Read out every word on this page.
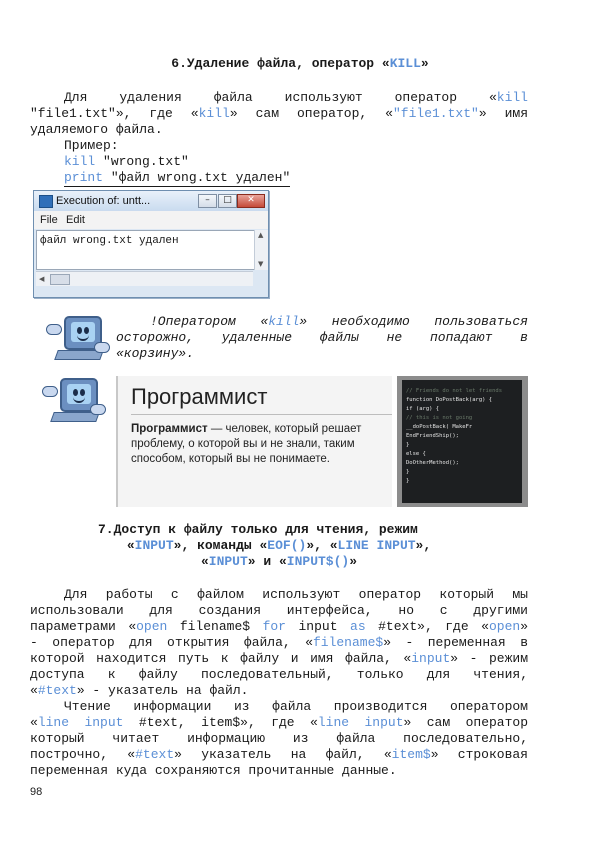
6.Удаление файла, оператор «KILL»
Для удаления файла используют оператор «kill
"file1.txt"», где «kill» сам оператор, «"file1.txt"» имя
удаляемого файла.
Пример:
kill "wrong.txt"
print "файл wrong.txt удален"
Execution of: untt...	–	□	✕
File Edit
файл wrong.txt удален	▲
▼
◀
!Оператором «kill» необходимо пользоваться
осторожно, удаленные файлы не попадают в
«корзину».
Программист
Программист — человек, который решает проблему, о которой вы и не знали, таким способом, который вы не понимаете.
// Friends do not let friends
function DoPostBack(arg) {
if (arg) {
// this is not going
__doPostBack( MakeFr
EndFriendShip();
}
else {
DoOtherMethod();
}
}
7.Доступ к файлу только для чтения, режим
«INPUT», команды «EOF()», «LINE INPUT»,
«INPUT» и «INPUT$()»
Для работы с файлом используют оператор который мы
использовали для создания интерфейса, но с другими
параметрами «open filename$ for input as #text», где «open»
- оператор для открытия файла, «filename$» - переменная в
которой находится путь к файлу и имя файла, «input» - режим
доступа к файлу последовательный, только для чтения,
«#text» - указатель на файл.
Чтение информации из файла производится оператором
«line input #text, item$», где «line input» сам оператор
который читает информацию из файла последовательно,
построчно, «#text» указатель на файл, «item$» строковая
переменная куда сохраняются прочитанные данные.
98
